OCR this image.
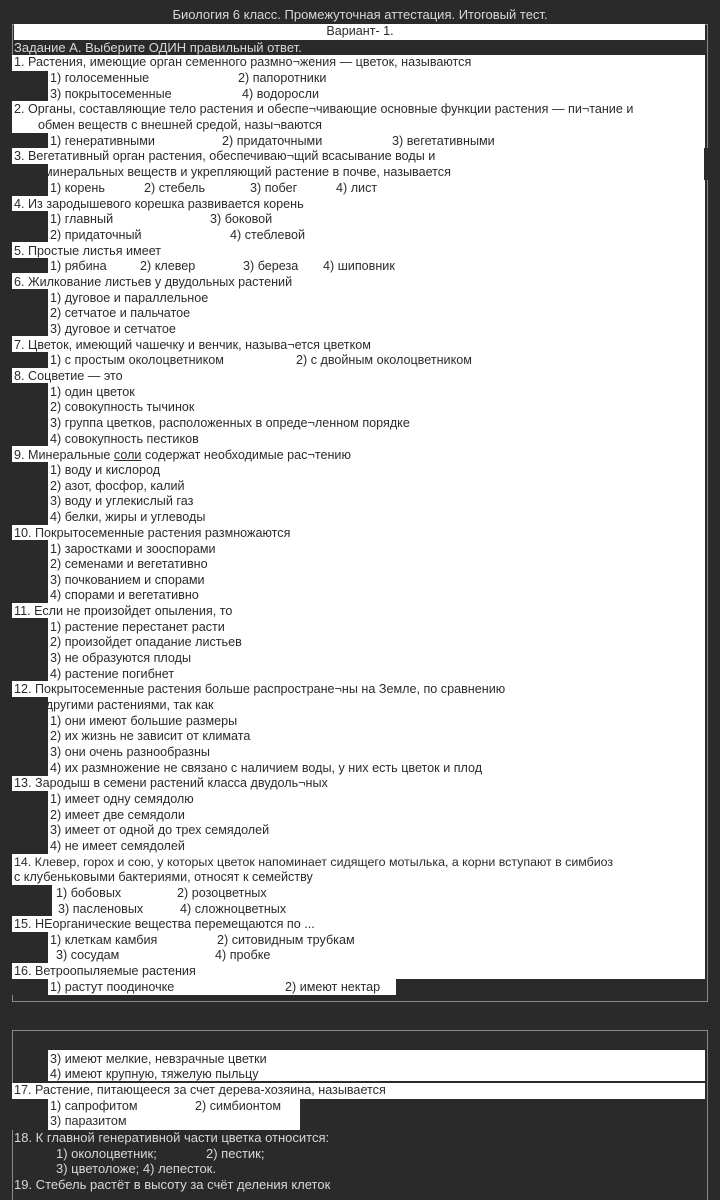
Биология 6 класс. Промежуточная аттестация. Итоговый тест.
Вариант- 1.
Задание А. Выберите ОДИН правильный ответ.
1. Растения, имеющие орган семенного размно¬жения — цветок, называются
1) голосеменные	2) папоротники
3) покрытосеменные	4) водоросли
2. Органы, составляющие тело растения и обеспе¬чивающие основные функции растения — пи¬тание и
обмен веществ с внешней средой, назы¬ваются
1) генеративными	2) придаточными	3) вегетативными
3. Вегетативный орган растения, обеспечиваю¬щий всасывание воды и
минеральных веществ и укрепляющий растение в почве, называется
1) корень	2) стебель	3) побег	4) лист
4. Из зародышевого корешка развивается корень
1) главный	3) боковой
2) придаточный	4) стеблевой
5. Простые листья имеет
1) рябина	2) клевер	3) береза 4) шиповник
6. Жилкование листьев у двудольных растений
1) дуговое и параллельное
2) сетчатое и пальчатое
3) дуговое и сетчатое
7. Цветок, имеющий чашечку и венчик, называ¬ется цветком
1) с простым околоцветником	2) с двойным околоцветником
8. Соцветие — это
1) один цветок
2) совокупность тычинок
3) группа цветков, расположенных в опреде¬ленном порядке
4) совокупность пестиков
9. Минеральные соли содержат необходимые рас¬тению
1) воду и кислород
2) азот, фосфор, калий
3) воду и углекислый газ
4) белки, жиры и углеводы
10. Покрытосеменные растения размножаются
1) заростками и зооспорами
2) семенами и вегетативно
3) почкованием и спорами
4) спорами и вегетативно
11. Если не произойдет опыления, то
1) растение перестанет расти
2) произойдет опадание листьев
3) не образуются плоды
4) растение погибнет
12. Покрытосеменные растения больше распростране¬ны на Земле, по сравнению
с другими растениями, так как
1) они имеют большие размеры
2) их жизнь не зависит от климата
3) они очень разнообразны
4) их размножение не связано с наличием воды, у них есть цветок и плод
13. Зародыш в семени растений класса двудоль¬ных
1) имеет одну семядолю
2) имеет две семядоли
3) имеет от одной до трех семядолей
4) не имеет семядолей
14. Клевер, горох и сою, у которых цветок напоминает сидящего мотылька, а корни вступают в симбиоз
с клубеньковыми бактериями, относят к семейству
1) бобовых	2) розоцветных
3) пасленовых	4) сложноцветных
15. НЕорганические вещества перемещаются по ...
1) клеткам камбия	2) ситовидным трубкам
3) сосудам	4) пробке
16. Ветроопыляемые растения
1) растут поодиночке	2) имеют нектар
3) имеют мелкие, невзрачные цветки
4) имеют крупную, тяжелую пыльцу
17. Растение, питающееся за счет дерева-хозяина, называется
1) сапрофитом	2) симбионтом
3) паразитом
18. К главной генеративной части цветка относится:
1) околоцветник;	2) пестик;
3) цветоложе; 4) лепесток.
19. Стебель растёт в высоту за счёт деления клеток
